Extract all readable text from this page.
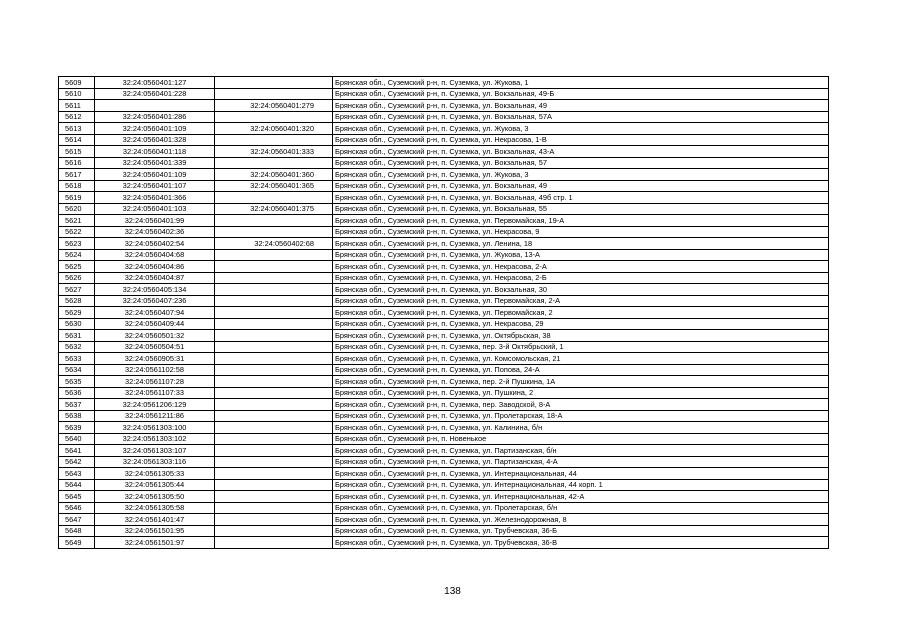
5609	32:24:0560401:127		Брянская обл., Суземский р-н, п. Суземка, ул. Жукова, 1
5610	32:24:0560401:228		Брянская обл., Суземский р-н, п. Суземка, ул. Вокзальная, 49-Б
5611		32:24:0560401:279	Брянская обл., Суземский р-н, п. Суземка, ул. Вокзальная, 49
5612	32:24:0560401:286		Брянская обл., Суземский р-н, п. Суземка, ул. Вокзальная, 57А
5613	32:24:0560401:109	32:24:0560401:320	Брянская обл., Суземский р-н, п. Суземка, ул. Жукова, 3
5614	32:24:0560401:328		Брянская обл., Суземский р-н, п. Суземка, ул. Некрасова, 1-В
5615	32:24:0560401:118	32:24:0560401:333	Брянская обл., Суземский р-н, п. Суземка, ул. Вокзальная, 43-А
5616	32:24:0560401:339		Брянская обл., Суземский р-н, п. Суземка, ул. Вокзальная, 57
5617	32:24:0560401:109	32:24:0560401:360	Брянская обл., Суземский р-н, п. Суземка, ул. Жукова, 3
5618	32:24:0560401:107	32:24:0560401:365	Брянская обл., Суземский р-н, п. Суземка, ул. Вокзальная, 49
5619	32:24:0560401:366		Брянская обл., Суземский р-н, п. Суземка, ул. Вокзальная, 49б стр. 1
5620	32:24:0560401:103	32:24:0560401:375	Брянская обл., Суземский р-н, п. Суземка, ул. Вокзальная, 55
5621	32:24:0560401:99		Брянская обл., Суземский р-н, п. Суземка, ул. Первомайская, 19-А
5622	32:24:0560402:36		Брянская обл., Суземский р-н, п. Суземка, ул. Некрасова, 9
5623	32:24:0560402:54	32:24:0560402:68	Брянская обл., Суземский р-н, п. Суземка, ул. Ленина, 18
5624	32:24:0560404:68		Брянская обл., Суземский р-н, п. Суземка, ул. Жукова, 13-А
5625	32:24:0560404:86		Брянская обл., Суземский р-н, п. Суземка, ул. Некрасова, 2-А
5626	32:24:0560404:87		Брянская обл., Суземский р-н, п. Суземка, ул. Некрасова, 2-Б
5627	32:24:0560405:134		Брянская обл., Суземский р-н, п. Суземка, ул. Вокзальная, 30
5628	32:24:0560407:236		Брянская обл., Суземский р-н, п. Суземка, ул. Первомайская, 2-А
5629	32:24:0560407:94		Брянская обл., Суземский р-н, п. Суземка, ул. Первомайская, 2
5630	32:24:0560409:44		Брянская обл., Суземский р-н, п. Суземка, ул. Некрасова, 29
5631	32:24:0560501:32		Брянская обл., Суземский р-н, п. Суземка, ул. Октябрьская, 38
5632	32:24:0560504:51		Брянская обл., Суземский р-н, п. Суземка, пер. 3-й Октябрьский, 1
5633	32:24:0560905:31		Брянская обл., Суземский р-н, п. Суземка, ул. Комсомольская, 21
5634	32:24:0561102:58		Брянская обл., Суземский р-н, п. Суземка, ул. Попова, 24-А
5635	32:24:0561107:28		Брянская обл., Суземский р-н, п. Суземка, пер. 2-й Пушкина, 1А
5636	32:24:0561107:33		Брянская обл., Суземский р-н, п. Суземка, ул. Пушкина, 2
5637	32:24:0561206:129		Брянская обл., Суземский р-н, п. Суземка, пер. Заводской, 8-А
5638	32:24:0561211:86		Брянская обл., Суземский р-н, п. Суземка, ул. Пролетарская, 18-А
5639	32:24:0561303:100		Брянская обл., Суземский р-н, п. Суземка, ул. Калинина, б/н
5640	32:24:0561303:102		Брянская обл., Суземский р-н, п. Новенькое
5641	32:24:0561303:107		Брянская обл., Суземский р-н, п. Суземка, ул. Партизанская, б/н
5642	32:24:0561303:116		Брянская обл., Суземский р-н, п. Суземка, ул. Партизанская, 4-А
5643	32:24:0561305:33		Брянская обл., Суземский р-н, п. Суземка, ул. Интернациональная, 44
5644	32:24:0561305:44		Брянская обл., Суземский р-н, п. Суземка, ул. Интернациональная, 44 корп. 1
5645	32:24:0561305:50		Брянская обл., Суземский р-н, п. Суземка, ул. Интернациональная, 42-А
5646	32:24:0561305:58		Брянская обл., Суземский р-н, п. Суземка, ул. Пролетарская, б/н
5647	32:24:0561401:47		Брянская обл., Суземский р-н, п. Суземка, ул. Железнодорожная, 8
5648	32:24:0561501:95		Брянская обл., Суземский р-н, п. Суземка, ул. Трубчевская, 36-Б
5649	32:24:0561501:97		Брянская обл., Суземский р-н, п. Суземка, ул. Трубчевская, 36-В
138
